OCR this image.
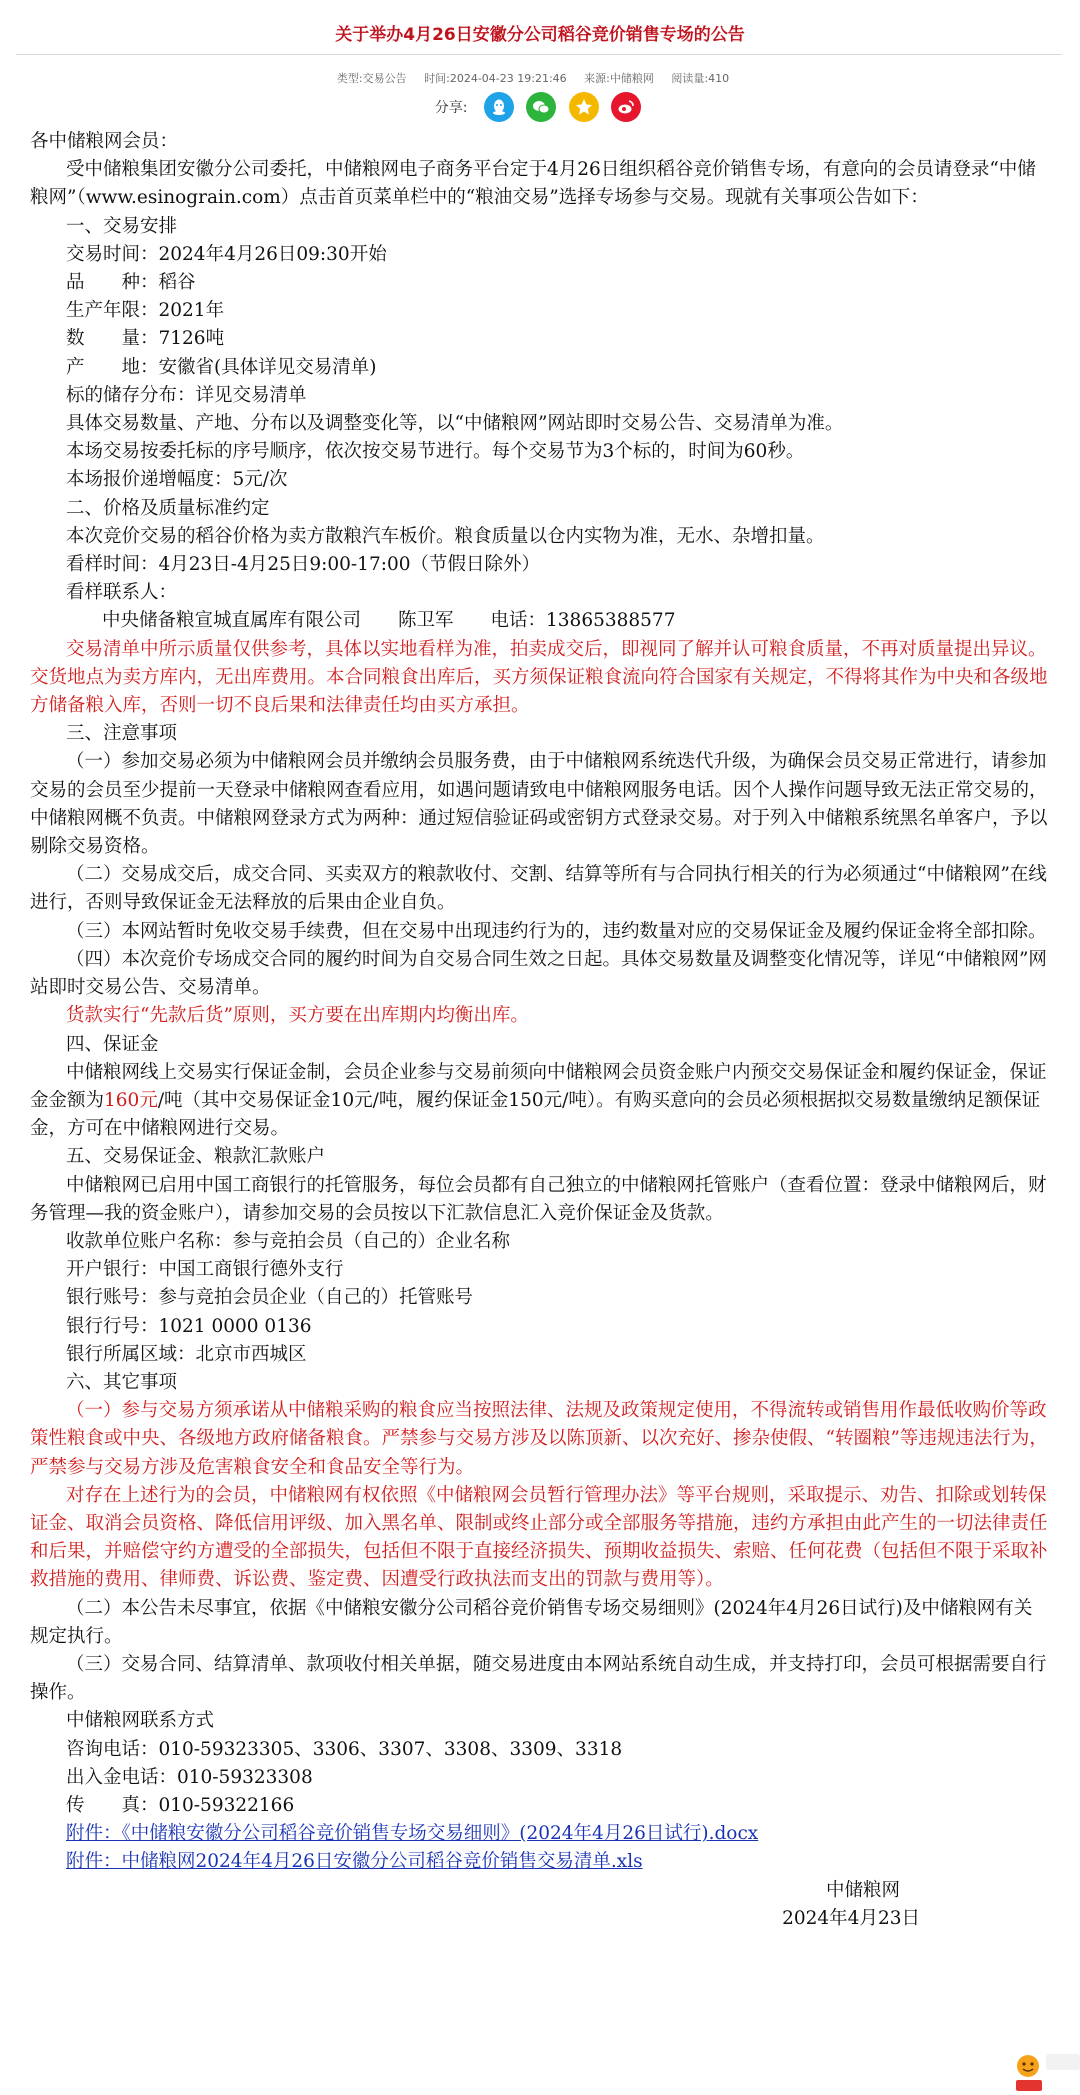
关于举办4月26日安徽分公司稻谷竞价销售专场的公告
类型:交易公告 时间:2024-04-23 19:21:46 来源:中储粮网 阅读量:410
分享:

各中储粮网会员：

受中储粮集团安徽分公司委托，中储粮网电子商务平台定于4月26日组织稻谷竞价销售专场，有意向的会员请登录“中储粮网”（www.esinograin.com）点击首页菜单栏中的“粮油交易”选择专场参与交易。现就有关事项公告如下：

一、交易安排

交易时间：2024年4月26日09:30开始

品　　种：稻谷

生产年限：2021年

数　　量：7126吨

产　　地：安徽省(具体详见交易清单)

标的储存分布：详见交易清单

具体交易数量、产地、分布以及调整变化等，以“中储粮网”网站即时交易公告、交易清单为准。

本场交易按委托标的序号顺序，依次按交易节进行。每个交易节为3个标的，时间为60秒。

本场报价递增幅度：5元/次

二、价格及质量标准约定

本次竞价交易的稻谷价格为卖方散粮汽车板价。粮食质量以仓内实物为准，无水、杂增扣量。

看样时间：4月23日-4月25日9:00-17:00（节假日除外）

看样联系人：

中央储备粮宣城直属库有限公司　　陈卫军　　电话：13865388577

交易清单中所示质量仅供参考，具体以实地看样为准，拍卖成交后，即视同了解并认可粮食质量，不再对质量提出异议。交货地点为卖方库内，无出库费用。本合同粮食出库后，买方须保证粮食流向符合国家有关规定，不得将其作为中央和各级地方储备粮入库，否则一切不良后果和法律责任均由买方承担。

三、注意事项

（一）参加交易必须为中储粮网会员并缴纳会员服务费，由于中储粮网系统迭代升级，为确保会员交易正常进行，请参加交易的会员至少提前一天登录中储粮网查看应用，如遇问题请致电中储粮网服务电话。因个人操作问题导致无法正常交易的，中储粮网概不负责。中储粮网登录方式为两种：通过短信验证码或密钥方式登录交易。对于列入中储粮系统黑名单客户，予以剔除交易资格。

（二）交易成交后，成交合同、买卖双方的粮款收付、交割、结算等所有与合同执行相关的行为必须通过“中储粮网”在线进行，否则导致保证金无法释放的后果由企业自负。

（三）本网站暂时免收交易手续费，但在交易中出现违约行为的，违约数量对应的交易保证金及履约保证金将全部扣除。

（四）本次竞价专场成交合同的履约时间为自交易合同生效之日起。具体交易数量及调整变化情况等，详见“中储粮网”网站即时交易公告、交易清单。

货款实行“先款后货”原则，买方要在出库期内均衡出库。

四、保证金

中储粮网线上交易实行保证金制，会员企业参与交易前须向中储粮网会员资金账户内预交交易保证金和履约保证金，保证金金额为160元/吨（其中交易保证金10元/吨，履约保证金150元/吨）。有购买意向的会员必须根据拟交易数量缴纳足额保证金，方可在中储粮网进行交易。

五、交易保证金、粮款汇款账户

中储粮网已启用中国工商银行的托管服务，每位会员都有自己独立的中储粮网托管账户（查看位置：登录中储粮网后，财务管理—我的资金账户），请参加交易的会员按以下汇款信息汇入竞价保证金及货款。

收款单位账户名称：参与竞拍会员（自己的）企业名称

开户银行：中国工商银行德外支行

银行账号：参与竞拍会员企业（自己的）托管账号

银行行号：1021 0000 0136

银行所属区域：北京市西城区

六、其它事项

（一）参与交易方须承诺从中储粮采购的粮食应当按照法律、法规及政策规定使用，不得流转或销售用作最低收购价等政策性粮食或中央、各级地方政府储备粮食。严禁参与交易方涉及以陈顶新、以次充好、掺杂使假、“转圈粮”等违规违法行为，严禁参与交易方涉及危害粮食安全和食品安全等行为。

对存在上述行为的会员，中储粮网有权依照《中储粮网会员暂行管理办法》等平台规则，采取提示、劝告、扣除或划转保证金、取消会员资格、降低信用评级、加入黑名单、限制或终止部分或全部服务等措施，违约方承担由此产生的一切法律责任和后果，并赔偿守约方遭受的全部损失，包括但不限于直接经济损失、预期收益损失、索赔、任何花费（包括但不限于采取补救措施的费用、律师费、诉讼费、鉴定费、因遭受行政执法而支出的罚款与费用等）。

（二）本公告未尽事宜，依据《中储粮安徽分公司稻谷竞价销售专场交易细则》(2024年4月26日试行)及中储粮网有关规定执行。

（三）交易合同、结算清单、款项收付相关单据，随交易进度由本网站系统自动生成，并支持打印，会员可根据需要自行操作。

中储粮网联系方式

咨询电话：010-59323305、3306、3307、3308、3309、3318

出入金电话：010-59323308

传　　真：010-59322166

附件：《中储粮安徽分公司稻谷竞价销售专场交易细则》(2024年4月26日试行).docx

附件：中储粮网2024年4月26日安徽分公司稻谷竞价销售交易清单.xls

中储粮网

2024年4月23日
